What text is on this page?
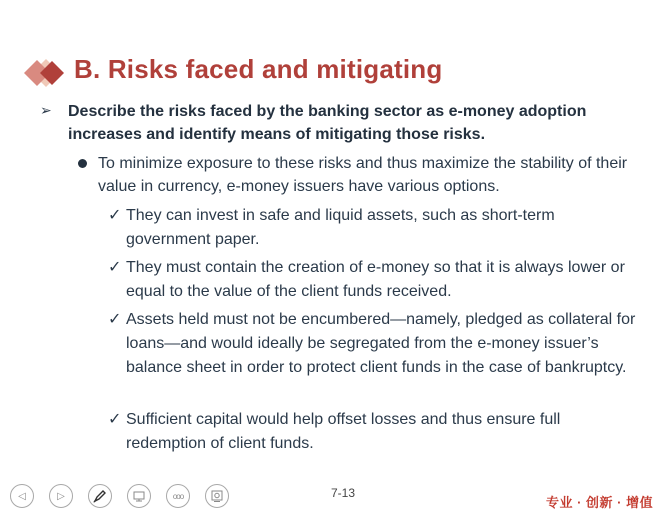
B. Risks faced and mitigating
➢ Describe the risks faced by the banking sector as e-money adoption increases and identify means of mitigating those risks.
To minimize exposure to these risks and thus maximize the stability of their value in currency, e-money issuers have various options.
✓ They can invest in safe and liquid assets, such as short-term government paper.
✓ They must contain the creation of e-money so that it is always lower or equal to the value of the client funds received.
✓ Assets held must not be encumbered—namely, pledged as collateral for loans—and would ideally be segregated from the e-money issuer’s balance sheet in order to protect client funds in the case of bankruptcy.
✓ Sufficient capital would help offset losses and thus ensure full redemption of client funds.
◁	▷	ooo	7-13
专业 · 创新 · 增值
